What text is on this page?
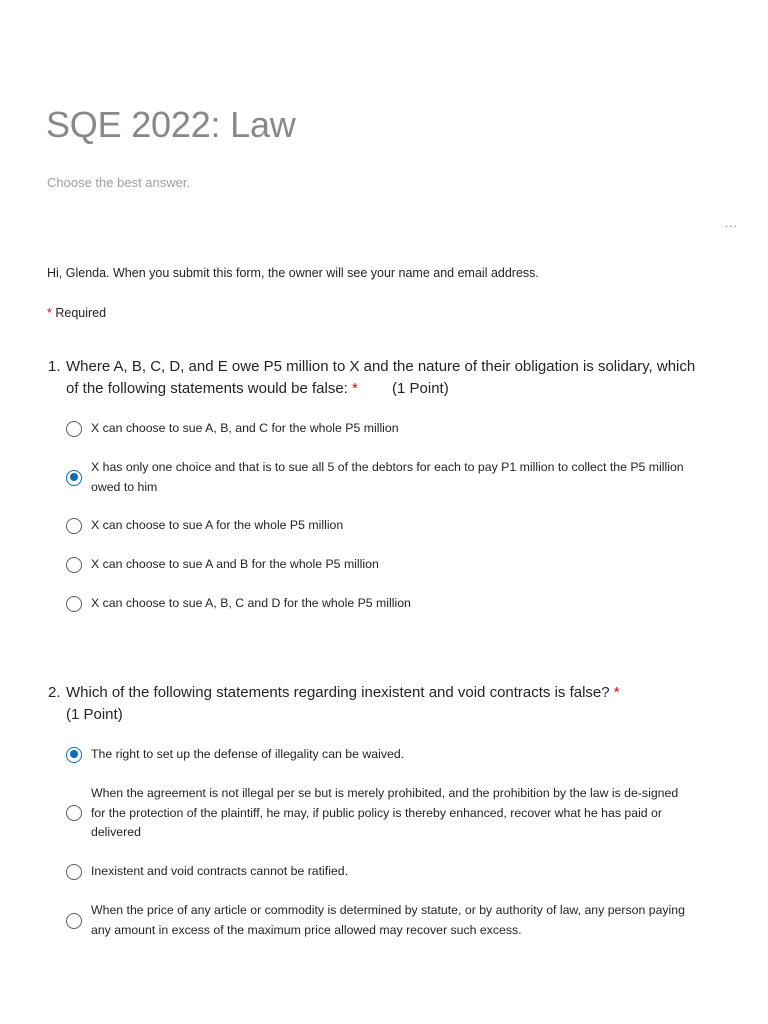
SQE 2022: Law

Choose the best answer.

…

Hi, Glenda. When you submit this form, the owner will see your name and email address.

* Required

1. Where A, B, C, D, and E owe P5 million to X and the nature of their obligation is solidary, which of the following statements would be false: * (1 Point)
X can choose to sue A, B, and C for the whole P5 million
X has only one choice and that is to sue all 5 of the debtors for each to pay P1 million to collect the P5 million owed to him
X can choose to sue A for the whole P5 million
X can choose to sue A and B for the whole P5 million
X can choose to sue A, B, C and D for the whole P5 million
2. Which of the following statements regarding inexistent and void contracts is false? *
(1 Point)
The right to set up the defense of illegality can be waived.
When the agreement is not illegal per se but is merely prohibited, and the prohibition by the law is de-signed for the protection of the plaintiff, he may, if public policy is thereby enhanced, recover what he has paid or delivered
Inexistent and void contracts cannot be ratified.
When the price of any article or commodity is determined by statute, or by authority of law, any person paying any amount in excess of the maximum price allowed may recover such excess.
